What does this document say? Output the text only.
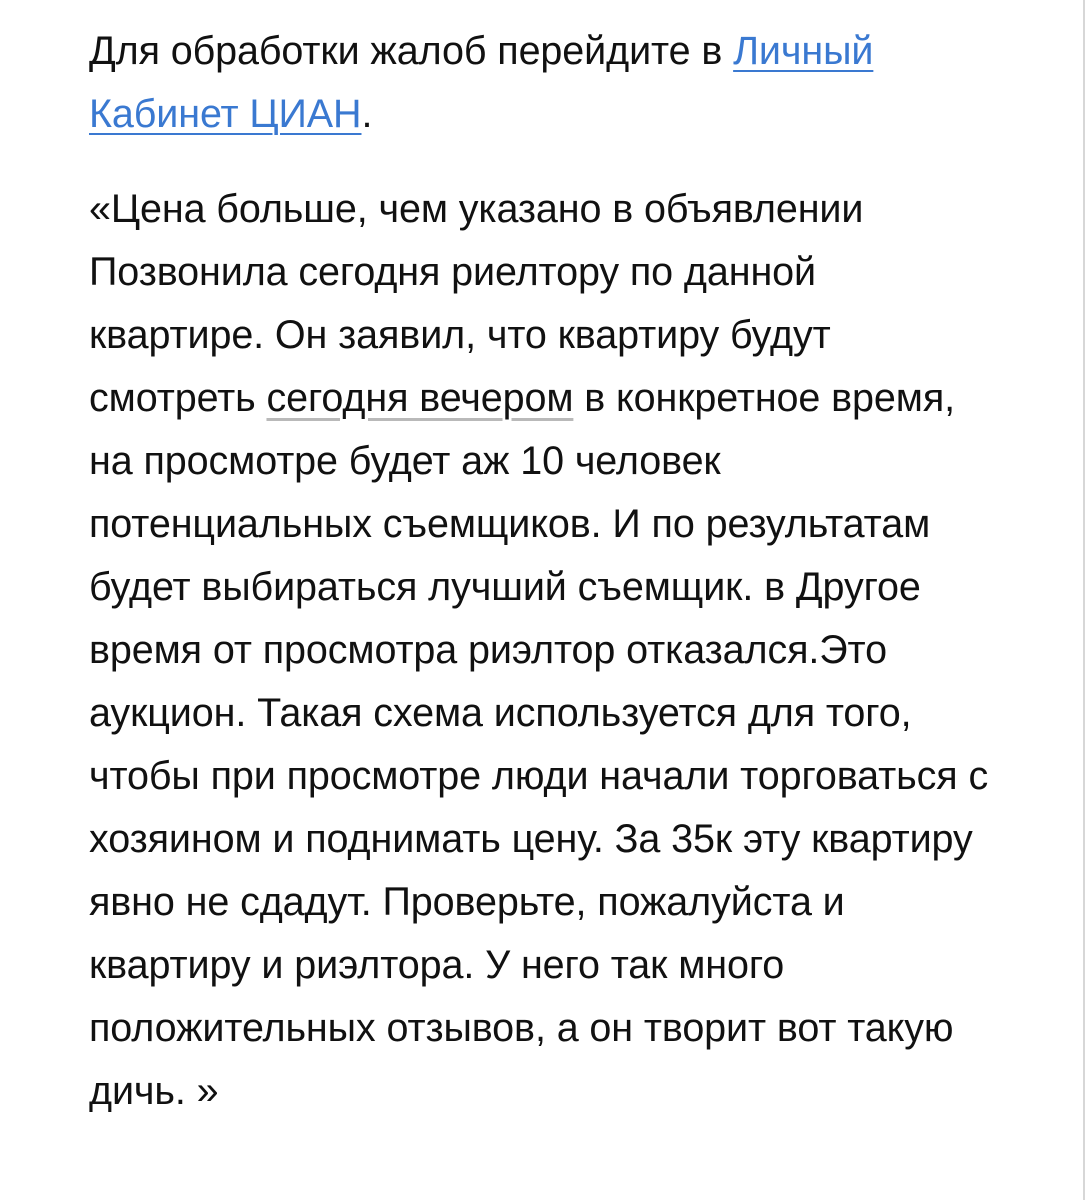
Для обработки жалоб перейдите в Личный Кабинет ЦИАН.

«Цена больше, чем указано в объявлении Позвонила сегодня риелтору по данной квартире. Он заявил, что квартиру будут смотреть сегодня вечером в конкретное время, на просмотре будет аж 10 человек потенциальных съемщиков. И по результатам будет выбираться лучший съемщик. в Другое время от просмотра риэлтор отказался.Это аукцион. Такая схема используется для того, чтобы при просмотре люди начали торговаться с хозяином и поднимать цену. За 35к эту квартиру явно не сдадут. Проверьте, пожалуйста и квартиру и риэлтора. У него так много положительных отзывов, а он творит вот такую дичь. »
